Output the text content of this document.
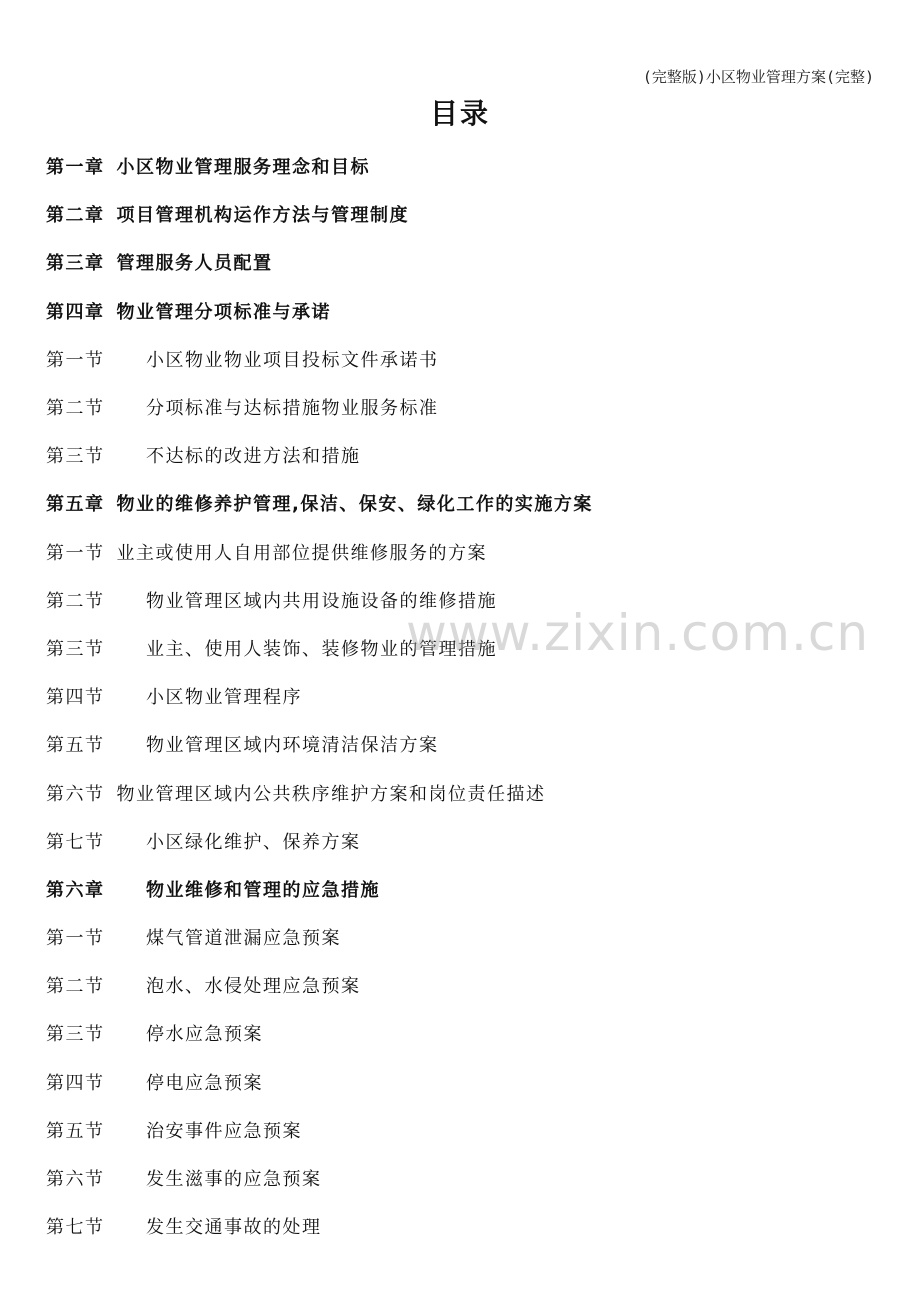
(完整版)小区物业管理方案(完整)
目录
第一章 小区物业管理服务理念和目标
第二章 项目管理机构运作方法与管理制度
第三章 管理服务人员配置
第四章 物业管理分项标准与承诺
第一节	小区物业物业项目投标文件承诺书
第二节	分项标准与达标措施物业服务标准
第三节	不达标的改进方法和措施
第五章 物业的维修养护管理,保洁、保安、绿化工作的实施方案
第一节 业主或使用人自用部位提供维修服务的方案
第二节	物业管理区域内共用设施设备的维修措施
第三节	业主、使用人装饰、装修物业的管理措施
第四节	小区物业管理程序
第五节	物业管理区域内环境清洁保洁方案
第六节 物业管理区域内公共秩序维护方案和岗位责任描述
第七节	小区绿化维护、保养方案
第六章	物业维修和管理的应急措施
第一节	煤气管道泄漏应急预案
第二节	泡水、水侵处理应急预案
第三节	停水应急预案
第四节	停电应急预案
第五节	治安事件应急预案
第六节	发生滋事的应急预案
第七节	发生交通事故的处理
www.zixin.com.cn
